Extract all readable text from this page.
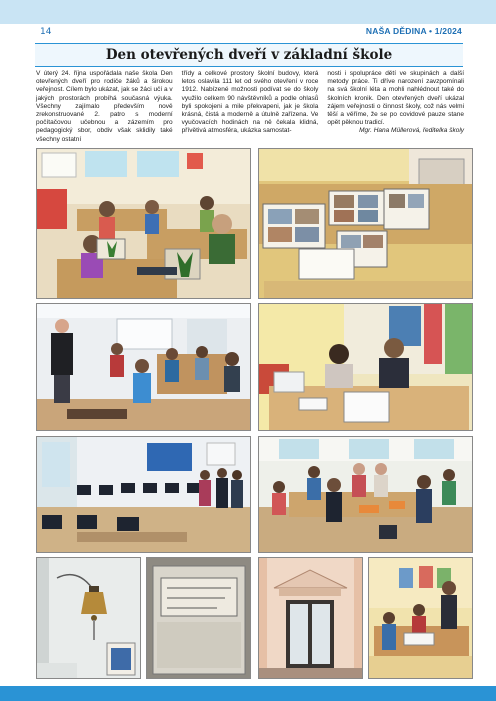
14	NAŠA DĚDINA • 1/2024
Den otevřených dveří v základní škole

V úterý 24. října uspořádala naše škola Den otevřených dveří pro rodiče žáků a širokou veřejnost. Cílem bylo ukázat, jak se žáci učí a v jakých prostorách probíhá současná výuka. Všechny zajímalo především nově zrekonstruované 2. patro s moderní počítačovou učebnou a zázemím pro pedagogický sbor, obdiv však sklidily také všechny ostatní

třídy a celkové prostory školní budovy, která letos oslavila 111 let od svého otevření v roce 1912. Nabízené možnosti podívat se do školy využilo celkem 90 návštěvníků a podle ohlasů byli spokojeni a mile překvapeni, jak je škola krásná, čistá a moderně a útulně zařízena. Ve vyučovacích hodinách na ně čekala klidná, přívětivá atmosféra, ukázka samostat-

nosti i spolupráce dětí ve skupinách a další metody práce. Ti dříve narození zavzpomínali na svá školní léta a mohli nahlédnout také do školních kronik. Den otevřených dveří ukázal zájem veřejnosti o činnost školy, což nás velmi těší a věříme, že se po covidové pauze stane opět pěknou tradicí.

Mgr. Hana Müllerová, ředitelka školy
